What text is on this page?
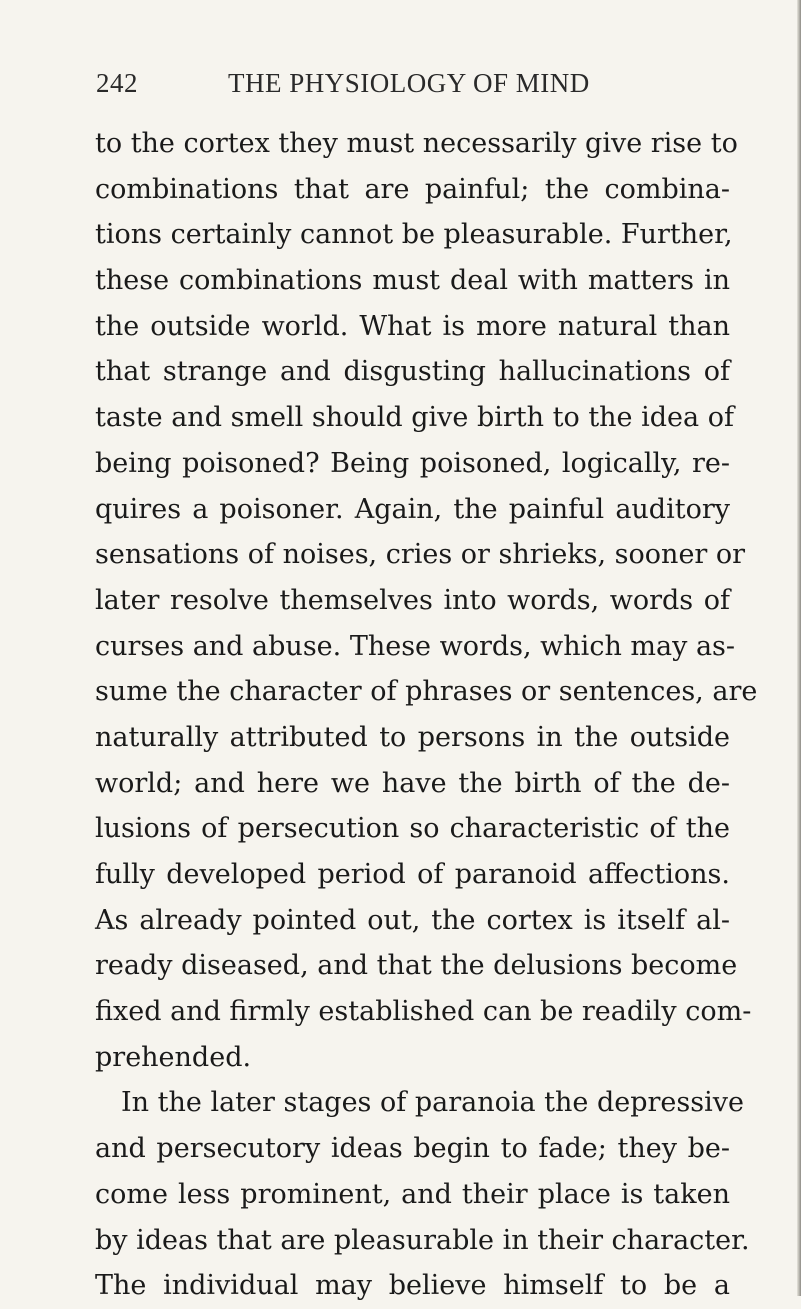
242	THE PHYSIOLOGY OF MIND
to the cortex they must necessarily give rise to
combinations that are painful; the combina-
tions certainly cannot be pleasurable. Further,
these combinations must deal with matters in
the outside world. What is more natural than
that strange and disgusting hallucinations of
taste and smell should give birth to the idea of
being poisoned? Being poisoned, logically, re-
quires a poisoner. Again, the painful auditory
sensations of noises, cries or shrieks, sooner or
later resolve themselves into words, words of
curses and abuse. These words, which may as-
sume the character of phrases or sentences, are
naturally attributed to persons in the outside
world; and here we have the birth of the de-
lusions of persecution so characteristic of the
fully developed period of paranoid affections.
As already pointed out, the cortex is itself al-
ready diseased, and that the delusions become
fixed and firmly established can be readily com-
prehended.
In the later stages of paranoia the depressive
and persecutory ideas begin to fade; they be-
come less prominent, and their place is taken
by ideas that are pleasurable in their character.
The individual may believe himself to be a
